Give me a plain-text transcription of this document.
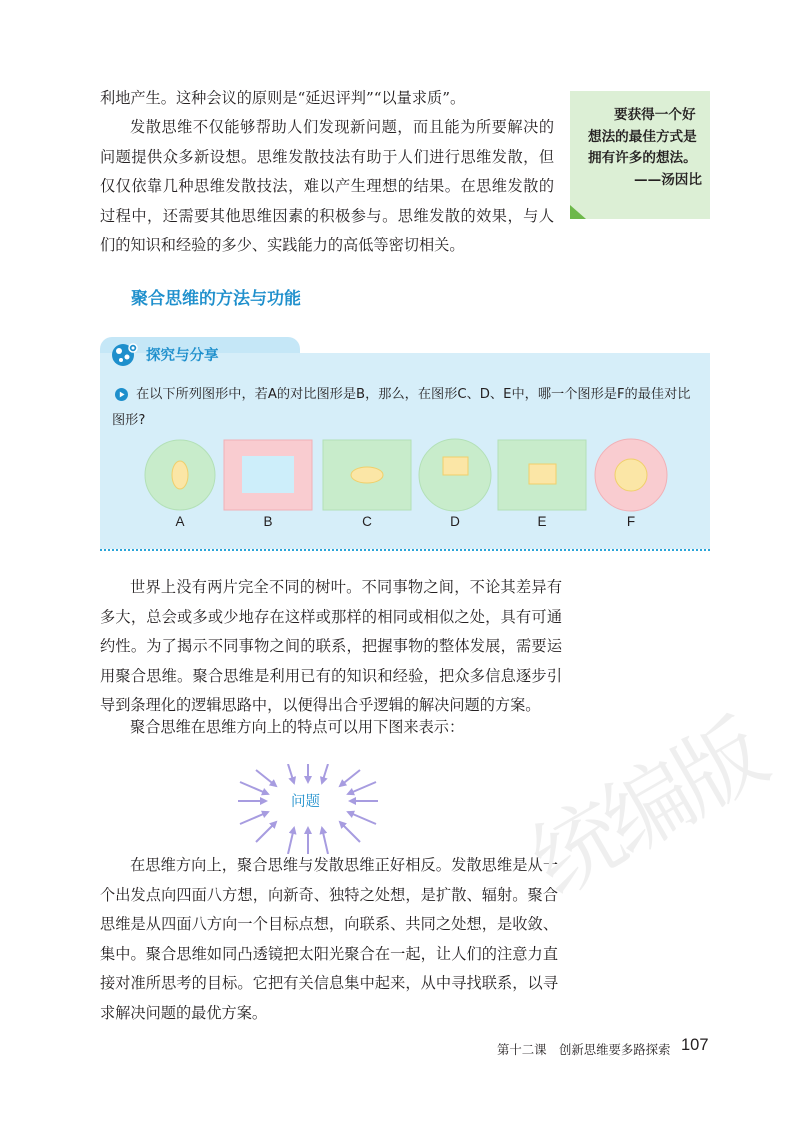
利地产生。这种会议的原则是“延迟评判”“以量求质”。

发散思维不仅能够帮助人们发现新问题，而且能为所要解决的问题提供众多新设想。思维发散技法有助于人们进行思维发散，但仅仅依靠几种思维发散技法，难以产生理想的结果。在思维发散的过程中，还需要其他思维因素的积极参与。思维发散的效果，与人们的知识和经验的多少、实践能力的高低等密切相关。

要获得一个好
想法的最佳方式是
拥有许多的想法。
——汤因比
聚合思维的方法与功能
探究与分享

在以下所列图形中，若A的对比图形是B，那么，在图形C、D、E中，哪一个图形是F的最佳对比图形?

A	B	C	D	E	F

世界上没有两片完全不同的树叶。不同事物之间，不论其差异有多大，总会或多或少地存在这样或那样的相同或相似之处，具有可通约性。为了揭示不同事物之间的联系，把握事物的整体发展，需要运用聚合思维。聚合思维是利用已有的知识和经验，把众多信息逐步引导到条理化的逻辑思路中，以便得出合乎逻辑的解决问题的方案。

聚合思维在思维方向上的特点可以用下图来表示：

问题

在思维方向上，聚合思维与发散思维正好相反。发散思维是从一个出发点向四面八方想，向新奇、独特之处想，是扩散、辐射。聚合思维是从四面八方向一个目标点想，向联系、共同之处想，是收敛、集中。聚合思维如同凸透镜把太阳光聚合在一起，让人们的注意力直接对准所思考的目标。它把有关信息集中起来，从中寻找联系，以寻求解决问题的最优方案。

统编版
第十二课　创新思维要多路探索 107
